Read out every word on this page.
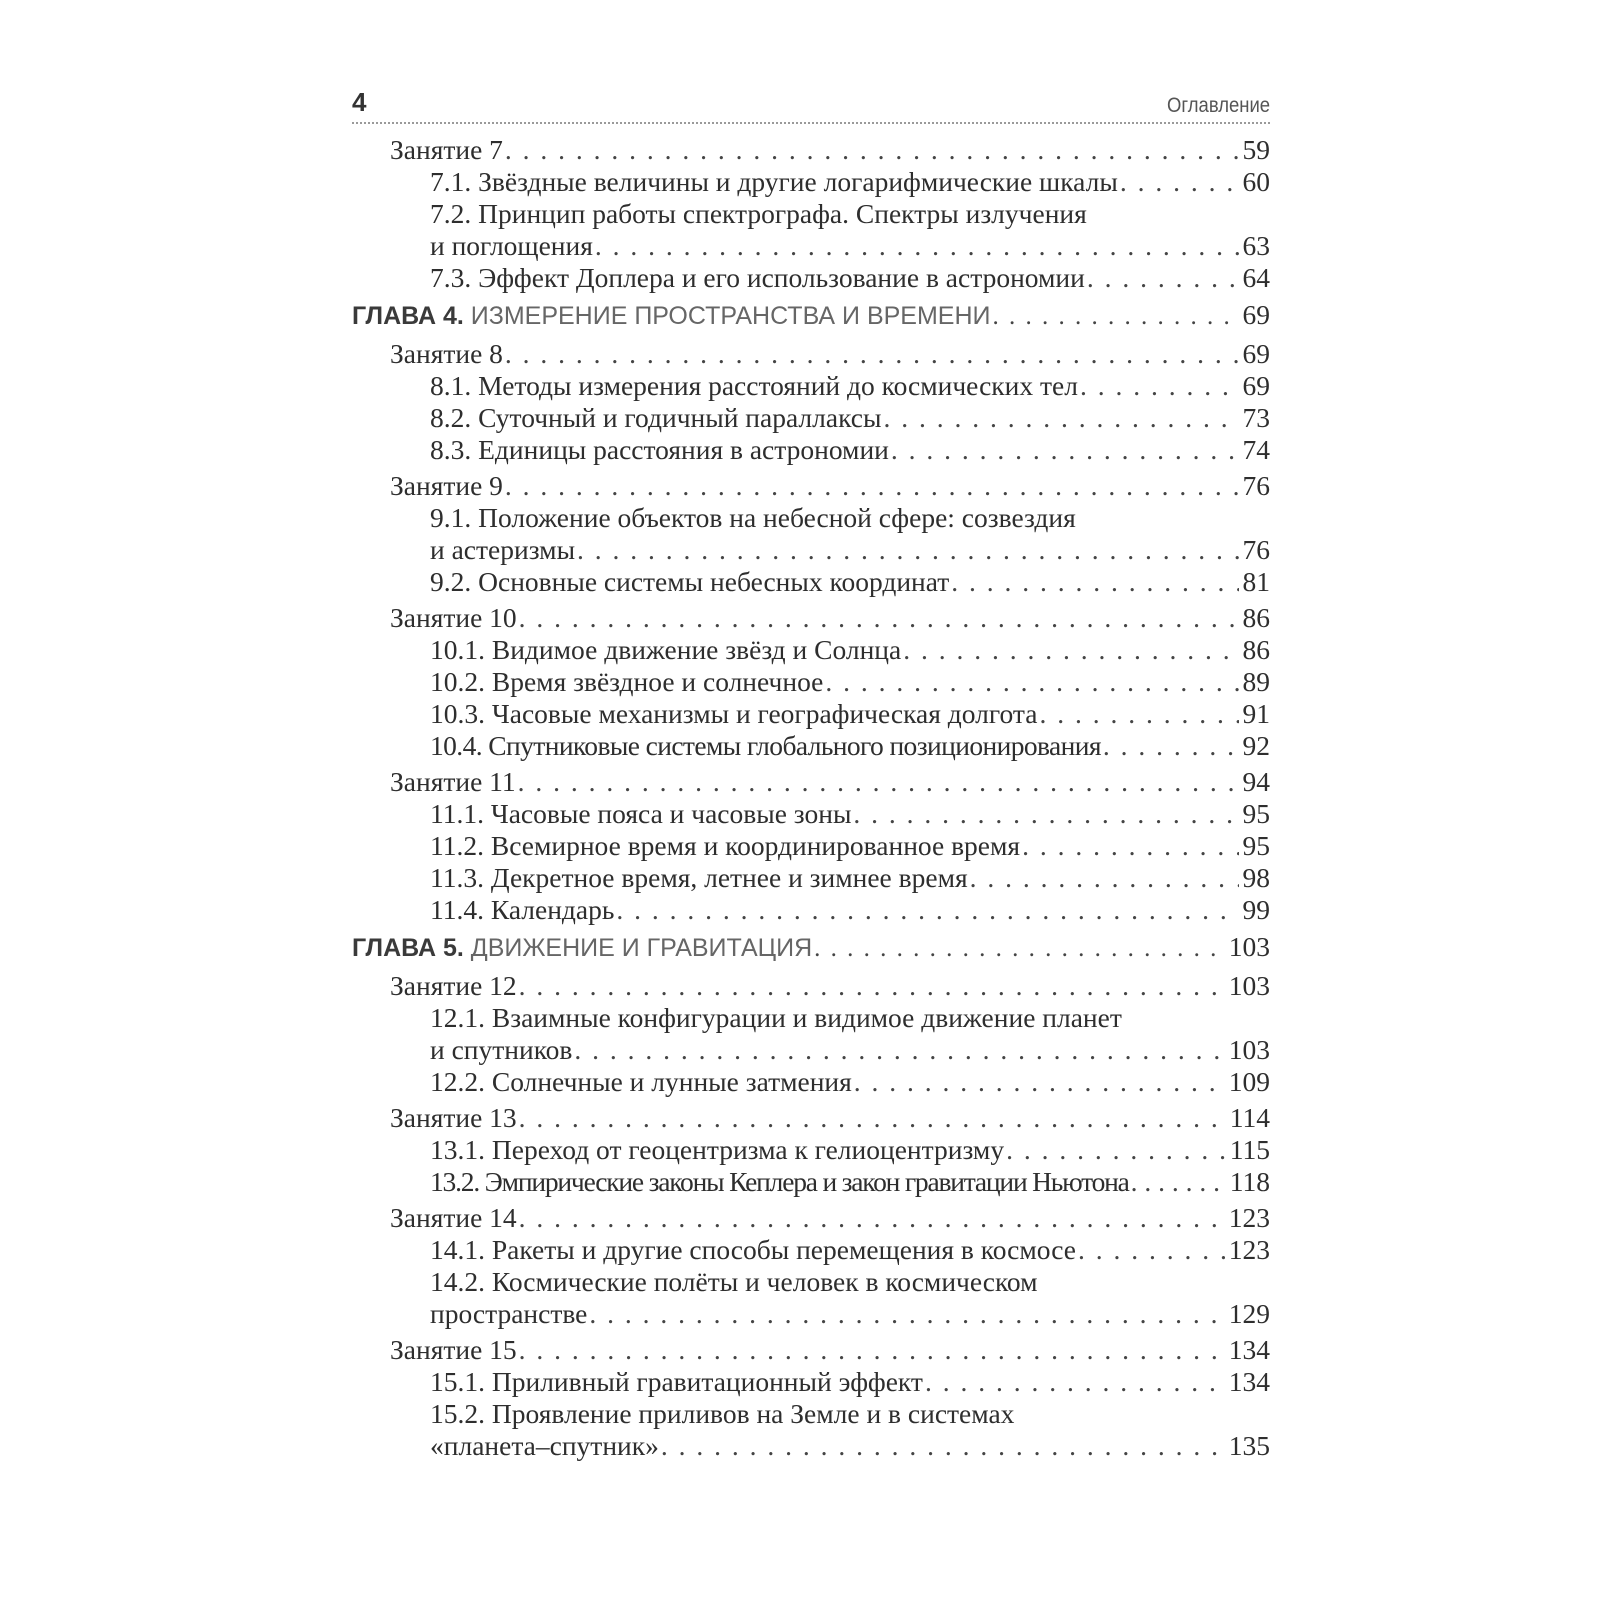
4	Оглавление
Занятие 7 . . .	59
7.1. Звёздные величины и другие логарифмические шкалы . . .	60
7.2. Принцип работы спектрографа. Спектры излучения
и поглощения . . .	63
7.3. Эффект Доплера и его использование в астрономии . . .	64
ГЛАВА 4. ИЗМЕРЕНИЕ ПРОСТРАНСТВА И ВРЕМЕНИ . . .	69
Занятие 8 . . .	69
8.1. Методы измерения расстояний до космических тел . . .	69
8.2. Суточный и годичный параллаксы . . .	73
8.3. Единицы расстояния в астрономии . . .	74
Занятие 9 . . .	76
9.1. Положение объектов на небесной сфере: созвездия
и астеризмы . . .	76
9.2. Основные системы небесных координат . . .	81
Занятие 10 . . .	86
10.1. Видимое движение звёзд и Солнца . . .	86
10.2. Время звёздное и солнечное . . .	89
10.3. Часовые механизмы и географическая долгота . . .	91
10.4. Спутниковые системы глобального позиционирования . . .	92
Занятие 11 . . .	94
11.1. Часовые пояса и часовые зоны . . .	95
11.2. Всемирное время и координированное время . . .	95
11.3. Декретное время, летнее и зимнее время . . .	98
11.4. Календарь . . .	99
ГЛАВА 5. ДВИЖЕНИЕ И ГРАВИТАЦИЯ . . .	103
Занятие 12 . . .	103
12.1. Взаимные конфигурации и видимое движение планет
и спутников . . .	103
12.2. Солнечные и лунные затмения . . .	109
Занятие 13 . . .	114
13.1. Переход от геоцентризма к гелиоцентризму . . .	115
13.2. Эмпирические законы Кеплера и закон гравитации Ньютона . . .	118
Занятие 14 . . .	123
14.1. Ракеты и другие способы перемещения в космосе . . .	123
14.2. Космические полёты и человек в космическом
пространстве . . .	129
Занятие 15 . . .	134
15.1. Приливный гравитационный эффект . . .	134
15.2. Проявление приливов на Земле и в системах
«планета–спутник» . . .	135
